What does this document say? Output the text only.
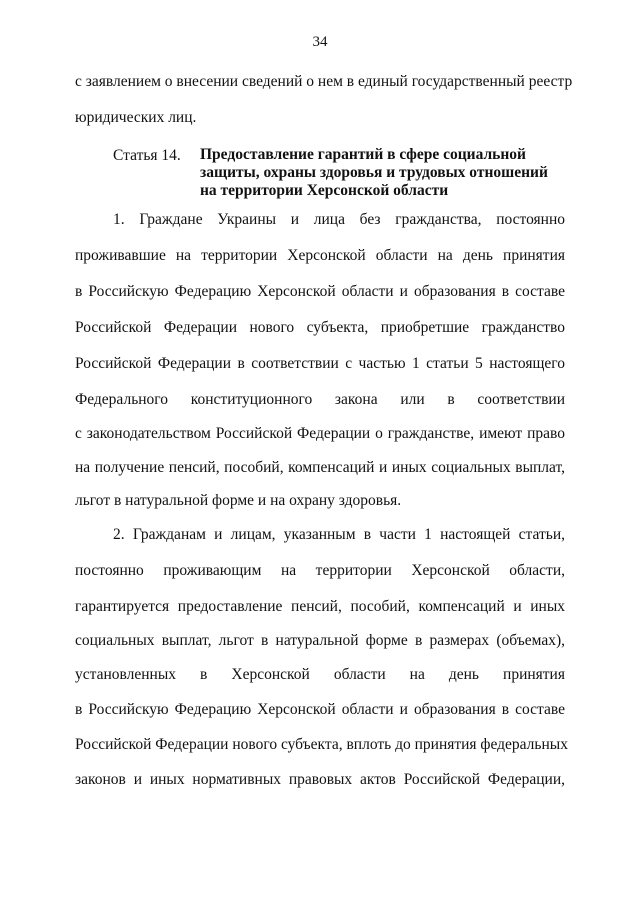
34
с заявлением о внесении сведений о нем в единый государственный реестр
юридических лиц.
Статья 14. Предоставление гарантий в сфере социальной
защиты, охраны здоровья и трудовых отношений
на территории Херсонской области
1. Граждане Украины и лица без гражданства, постоянно
проживавшие на территории Херсонской области на день принятия
в Российскую Федерацию Херсонской области и образования в составе
Российской Федерации нового субъекта, приобретшие гражданство
Российской Федерации в соответствии с частью 1 статьи 5 настоящего
Федерального конституционного закона или в соответствии
с законодательством Российской Федерации о гражданстве, имеют право
на получение пенсий, пособий, компенсаций и иных социальных выплат,
льгот в натуральной форме и на охрану здоровья.
2. Гражданам и лицам, указанным в части 1 настоящей статьи,
постоянно проживающим на территории Херсонской области,
гарантируется предоставление пенсий, пособий, компенсаций и иных
социальных выплат, льгот в натуральной форме в размерах (объемах),
установленных в Херсонской области на день принятия
в Российскую Федерацию Херсонской области и образования в составе
Российской Федерации нового субъекта, вплоть до принятия федеральных
законов и иных нормативных правовых актов Российской Федерации,
